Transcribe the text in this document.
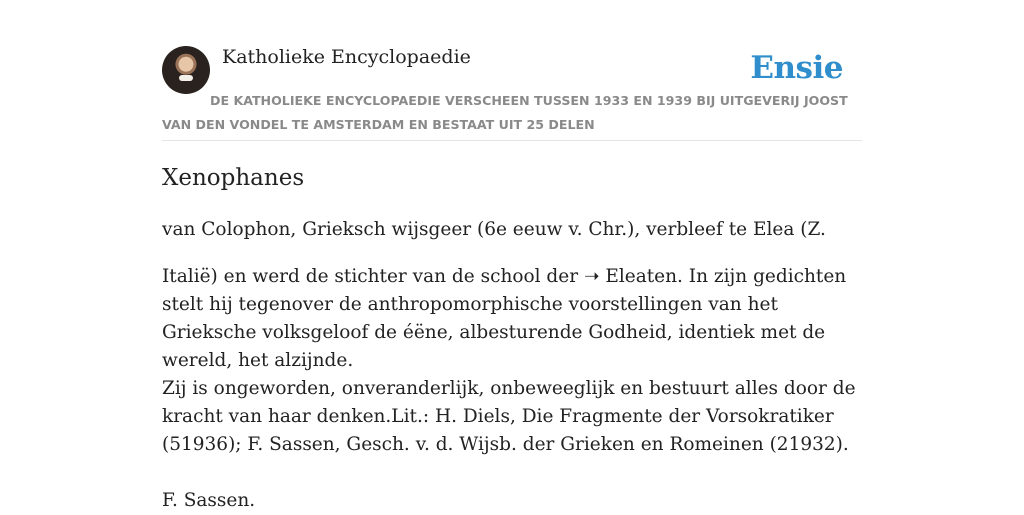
Katholieke Encyclopaedie	Ensie
DE KATHOLIEKE ENCYCLOPAEDIE VERSCHEEN TUSSEN 1933 EN 1939 BIJ UITGEVERIJ JOOST VAN DEN VONDEL TE AMSTERDAM EN BESTAAT UIT 25 DELEN
Xenophanes

van Colophon, Grieksch wijsgeer (6e eeuw v. Chr.), verbleef te Elea (Z.

Italië) en werd de stichter van de school der ➝ Eleaten. In zijn gedichten stelt hij tegenover de anthropomorphische voorstellingen van het Grieksche volksgeloof de éëne, albesturende Godheid, identiek met de wereld, het alzijnde.

Zij is ongeworden, onveranderlijk, onbeweeglijk en bestuurt alles door de kracht van haar denken.Lit.: H. Diels, Die Fragmente der Vorsokratiker (51936); F. Sassen, Gesch. v. d. Wijsb. der Grieken en Romeinen (21932).

F. Sassen.
